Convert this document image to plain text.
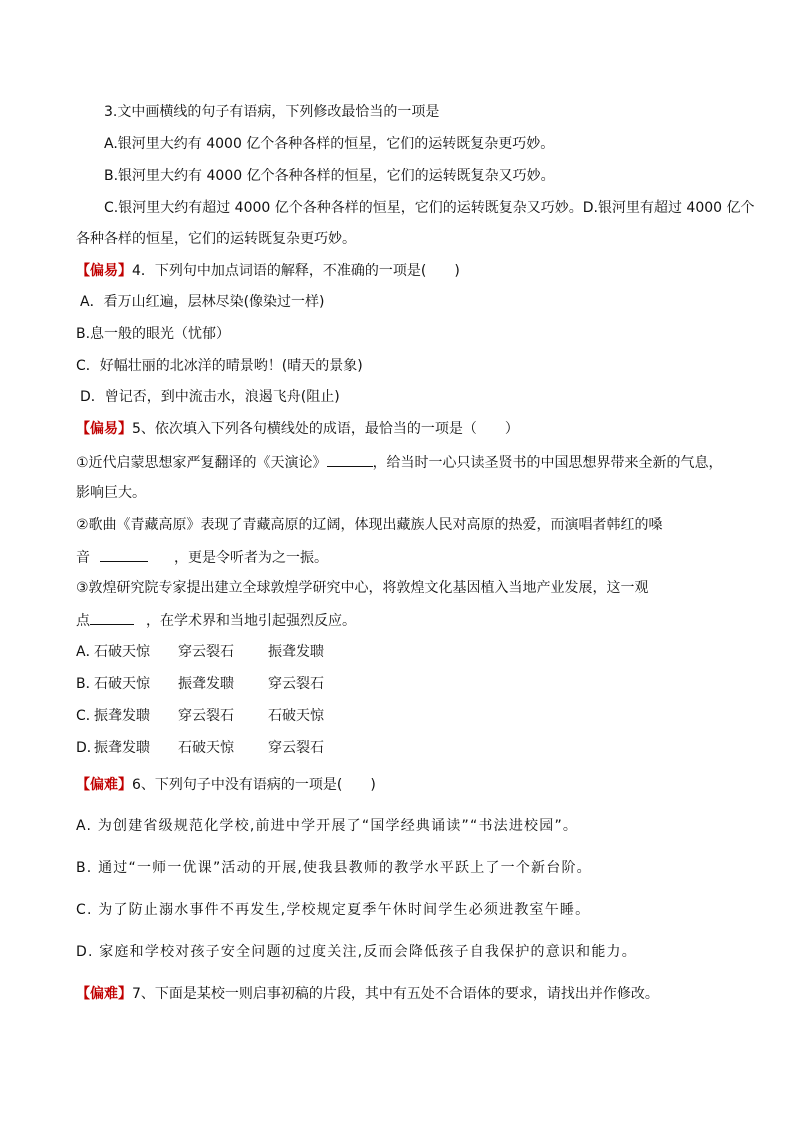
3.文中画横线的句子有语病，下列修改最恰当的一项是
A.银河里大约有 4000 亿个各种各样的恒星，它们的运转既复杂更巧妙。
B.银河里大约有 4000 亿个各种各样的恒星，它们的运转既复杂又巧妙。
C.银河里大约有超过 4000 亿个各种各样的恒星，它们的运转既复杂又巧妙。D.银河里有超过 4000 亿个
各种各样的恒星，它们的运转既复杂更巧妙。
【偏易】4．下列句中加点词语的解释，不准确的一项是(　　)
A．看万山红遍，层林尽染(像染过一样)
B.息一般的眼光（忧郁）
C．好幅壮丽的北冰洋的晴景哟！(晴天的景象)
D．曾记否，到中流击水，浪遏飞舟(阻止)
【偏易】5、依次填入下列各句横线处的成语，最恰当的一项是（　　）
①近代启蒙思想家严复翻译的《天演论》	，给当时一心只读圣贤书的中国思想界带来全新的气息，
影响巨大。
②歌曲《青藏高原》表现了青藏高原的辽阔，体现出藏族人民对高原的热爱，而演唱者韩红的嗓
音	，更是令听者为之一振。
③敦煌研究院专家提出建立全球敦煌学研究中心，将敦煌文化基因植入当地产业发展，这一观
点	，在学术界和当地引起强烈反应。
A．石破天惊 穿云裂石 振聋发聩
B．石破天惊 振聋发聩 穿云裂石
C．振聋发聩 穿云裂石 石破天惊
D．振聋发聩 石破天惊 穿云裂石
【偏难】6、下列句子中没有语病的一项是(　　)
A. 为创建省级规范化学校,前进中学开展了“国学经典诵读”“书法进校园”。
B. 通过“一师一优课”活动的开展,使我县教师的教学水平跃上了一个新台阶。
C. 为了防止溺水事件不再发生,学校规定夏季午休时间学生必须进教室午睡。
D. 家庭和学校对孩子安全问题的过度关注,反而会降低孩子自我保护的意识和能力。
【偏难】7、下面是某校一则启事初稿的片段，其中有五处不合语体的要求，请找出并作修改。
